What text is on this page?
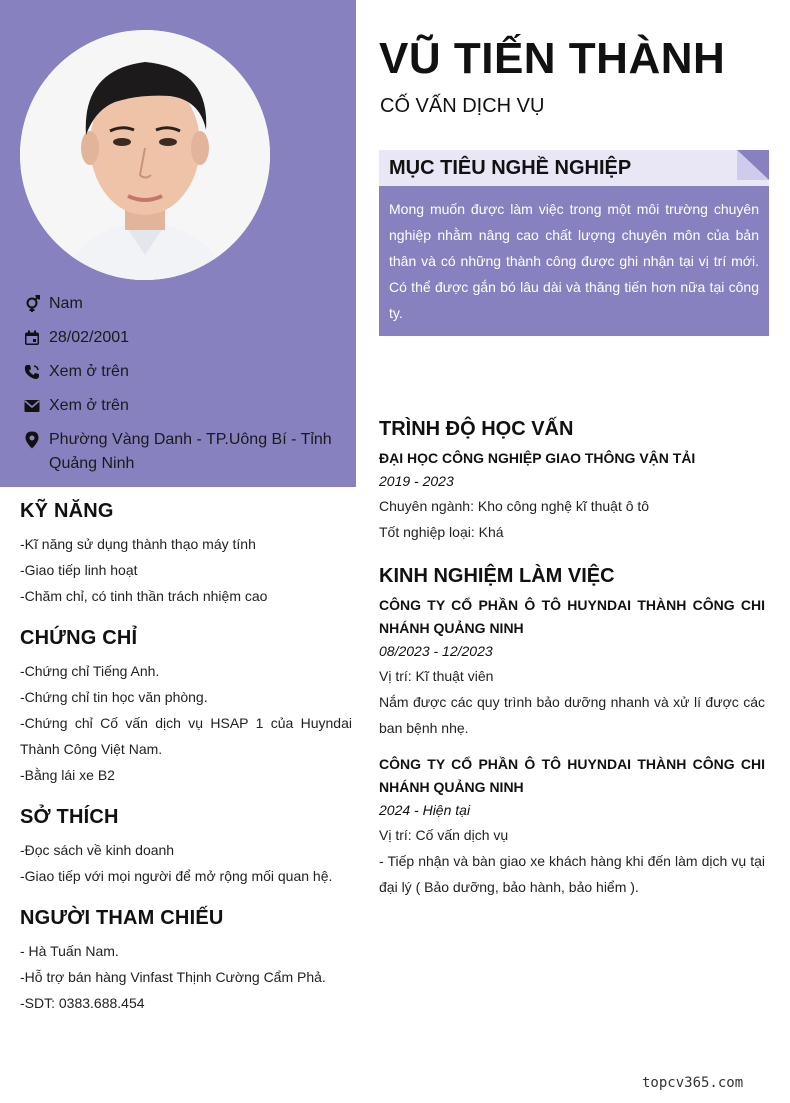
Nam
28/02/2001
Xem ở trên
Xem ở trên
Phường Vàng Danh - TP.Uông Bí - Tỉnh Quảng Ninh
KỸ NĂNG
-Kĩ năng sử dụng thành thạo máy tính
-Giao tiếp linh hoạt
-Chăm chỉ, có tinh thần trách nhiệm cao
CHỨNG CHỈ
-Chứng chỉ Tiếng Anh.
-Chứng chỉ tin học văn phòng.
-Chứng chỉ Cố vấn dịch vụ HSAP 1 của Huyndai Thành Công Việt Nam.
-Bằng lái xe B2
SỞ THÍCH
-Đọc sách về kinh doanh
-Giao tiếp với mọi người để mở rộng mối quan hệ.
NGƯỜI THAM CHIẾU
- Hà Tuấn Nam.
-Hỗ trợ bán hàng Vinfast Thịnh Cường Cẩm Phả.
-SDT: 0383.688.454
VŨ TIẾN THÀNH
CỐ VẤN DỊCH VỤ
MỤC TIÊU NGHỀ NGHIỆP
Mong muốn được làm việc trong một môi trường chuyên nghiệp nhằm nâng cao chất lượng chuyên môn của bản thân và có những thành công được ghi nhận tại vị trí mới. Có thể được gắn bó lâu dài và thăng tiến hơn nữa tại công ty.
TRÌNH ĐỘ HỌC VẤN
ĐẠI HỌC CÔNG NGHIỆP GIAO THÔNG VẬN TẢI
2019 - 2023
Chuyên ngành: Kho công nghệ kĩ thuật ô tô
Tốt nghiệp loại: Khá
KINH NGHIỆM LÀM VIỆC
CÔNG TY CỔ PHẦN Ô TÔ HUYNDAI THÀNH CÔNG CHI NHÁNH QUẢNG NINH
08/2023 - 12/2023
Vị trí: Kĩ thuật viên
Nắm được các quy trình bảo dưỡng nhanh và xử lí được các ban bệnh nhẹ.
CÔNG TY CỔ PHẦN Ô TÔ HUYNDAI THÀNH CÔNG CHI NHÁNH QUẢNG NINH
2024 - Hiện tại
Vị trí: Cố vấn dịch vụ
- Tiếp nhận và bàn giao xe khách hàng khi đến làm dịch vụ tại đại lý ( Bảo dưỡng, bảo hành, bảo hiểm ).
topcv365.com
